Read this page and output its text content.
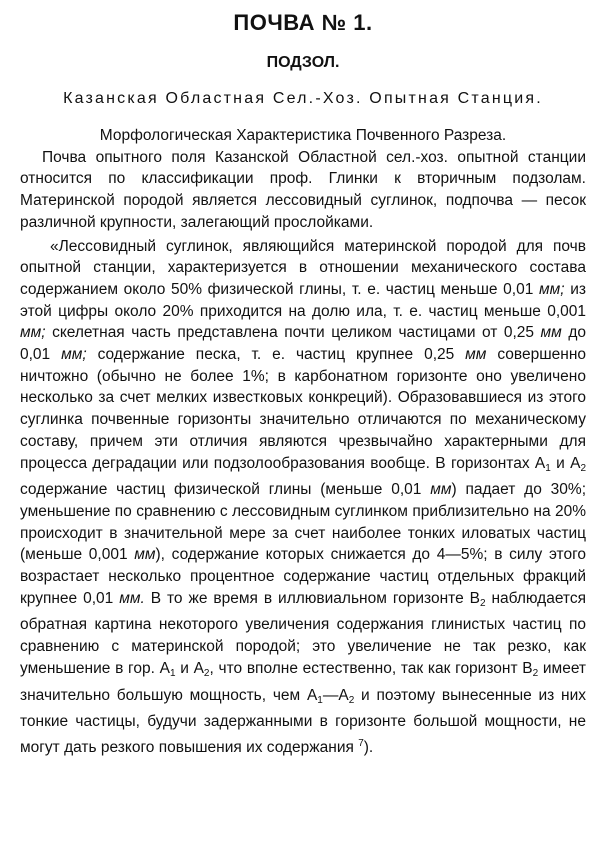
ПОЧВА № 1.
ПОДЗОЛ.
Казанская Областная Сел.-Хоз. Опытная Станция.
Морфологическая Характеристика Почвенного Разреза.

Почва опытного поля Казанской Областной сел.-хоз. опытной станции относится по классификации проф. Глинки к вторичным подзолам. Материнской породой является лессовидный суглинок, подпочва — песок различной крупности, залегающий прослойками.

«Лессовидный суглинок, являющийся материнской породой для почв опытной станции, характеризуется в отношении механического состава содержанием около 50% физической глины, т. е. частиц меньше 0,01 мм; из этой цифры около 20% приходится на долю ила, т. е. частиц меньше 0,001 мм; скелетная часть представлена почти целиком частицами от 0,25 мм до 0,01 мм; содержание песка, т. е. частиц крупнее 0,25 мм совершенно ничтожно (обычно не более 1%; в карбонатном горизонте оно увеличено несколько за счет мелких известковых конкреций). Образовавшиеся из этого суглинка почвенные горизонты значительно отличаются по механическому составу, причем эти отличия являются чрезвычайно характерными для процесса деградации или подзолообразования вообще. В горизонтах $А_1$ и $А_2$ содержание частиц физической глины (меньше 0,01 мм) падает до 30%; уменьшение по сравнению с лессовидным суглинком приблизительно на 20% происходит в значительной мере за счет наиболее тонких иловатых частиц (меньше 0,001 мм), содержание которых снижается до 4—5%; в силу этого возрастает несколько процентное содержание частиц отдельных фракций крупнее 0,01 мм. В то же время в иллювиальном горизонте $В_2$ наблюдается обратная картина некоторого увеличения содержания глинистых частиц по сравнению с материнской породой; это увеличение не так резко, как уменьшение в гор. $А_1$ и $А_2$, что вполне естественно, так как горизонт $В_2$ имеет значительно большую мощность, чем $А_1—А_2$ и поэтому вынесенные из них тонкие частицы, будучи задержанными в горизонте большой мощности, не могут дать резкого повышения их содержания $^7$).
